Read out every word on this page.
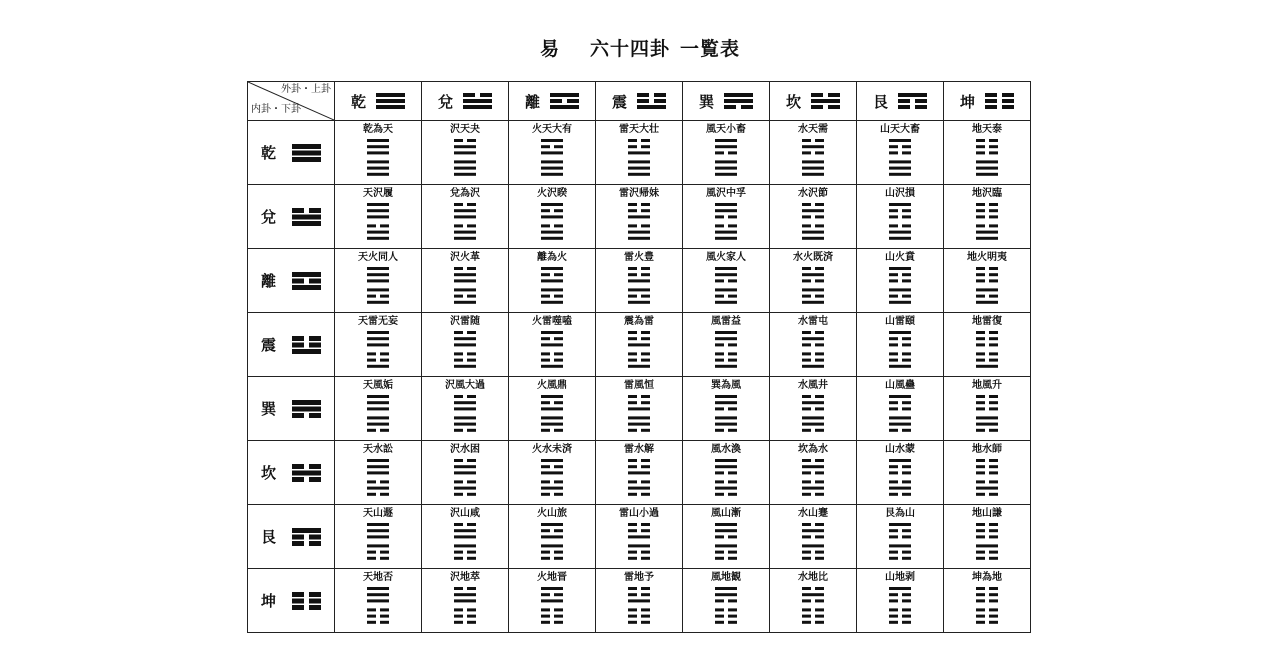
易 六十四卦 一覧表
外卦・上卦
内卦・下卦	乾	兌	離	震	巽	坎	艮	坤

乾	乾為天	沢天夬	火天大有	雷天大壮	風天小畜	水天需	山天大畜	地天泰

兌	天沢履	兌為沢	火沢睽	雷沢帰妹	風沢中孚	水沢節	山沢損	地沢臨

離	天火同人	沢火革	離為火	雷火豊	風火家人	水火既済	山火賁	地火明夷

震	天雷无妄	沢雷随	火雷噬嗑	震為雷	風雷益	水雷屯	山雷頤	地雷復

巽	天風姤	沢風大過	火風鼎	雷風恒	巽為風	水風井	山風蠱	地風升

坎	天水訟	沢水困	火水未済	雷水解	風水渙	坎為水	山水蒙	地水師

艮	天山遯	沢山咸	火山旅	雷山小過	風山漸	水山蹇	艮為山	地山謙

坤	天地否	沢地萃	火地晋	雷地予	風地観	水地比	山地剥	坤為地
